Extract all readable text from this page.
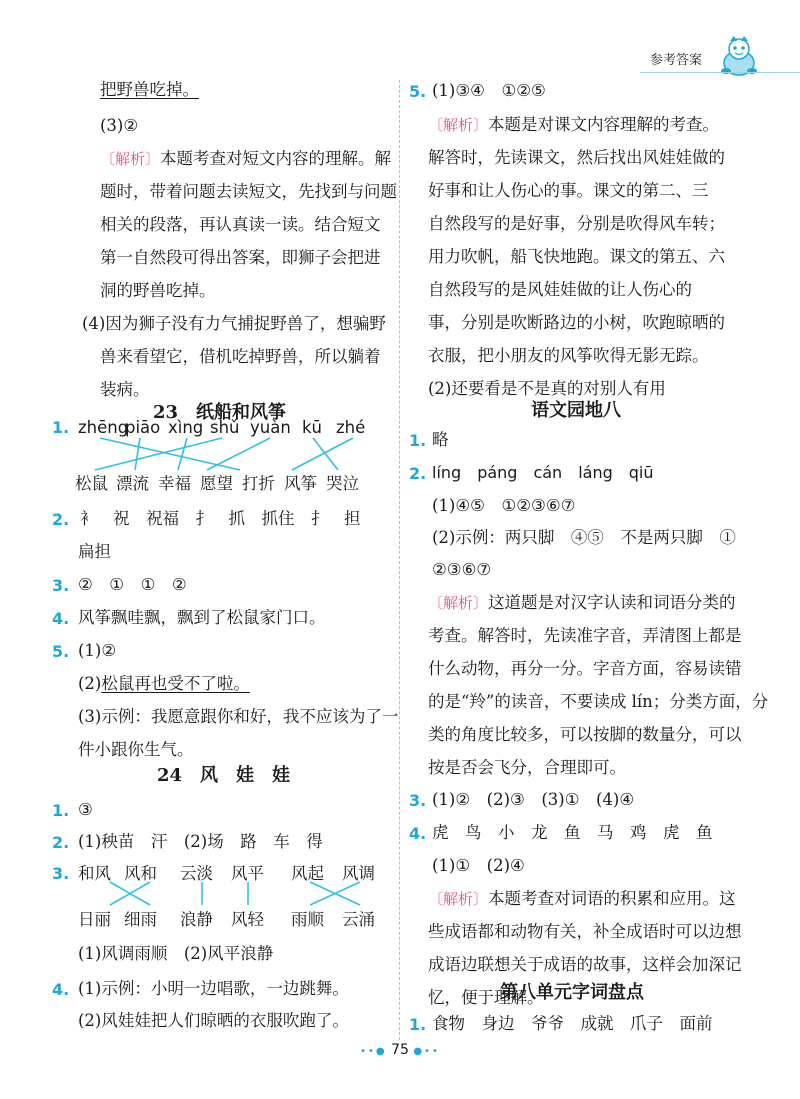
参考答案
把野兽吃掉。
(3)②
〔解析〕本题考查对短文内容的理解。解
题时，带着问题去读短文，先找到与问题
相关的段落，再认真读一读。结合短文
第一自然段可得出答案，即狮子会把进
洞的野兽吃掉。
(4)因为狮子没有力气捕捉野兽了，想骗野
兽来看望它，借机吃掉野兽，所以躺着
装病。
23　纸船和风筝
1. zhēng
piāo xìng shǔ yuàn kū zhé
松鼠 漂流 幸福 愿望 打折 风筝 哭泣
2. 衤　祝　祝福　扌　抓　抓住　扌　担
扁担
3. ②　①　①　②
4. 风筝飘哇飘，飘到了松鼠家门口。
5. (1)②
(2)松鼠再也受不了啦。
(3)示例：我愿意跟你和好，我不应该为了一
件小跟你生气。
24　风　娃　娃
1. ③
2. (1)秧苗　汗　(2)场　路　车　得
3. 和风 风和 云淡 风平 风起 风调
日丽 细雨 浪静 风轻 雨顺 云涌
(1)风调雨顺　(2)风平浪静
4. (1)示例：小明一边唱歌，一边跳舞。
(2)风娃娃把人们晾晒的衣服吹跑了。
5. (1)③④　①②⑤
〔解析〕本题是对课文内容理解的考查。
解答时，先读课文，然后找出风娃娃做的
好事和让人伤心的事。课文的第二、三
自然段写的是好事，分别是吹得风车转；
用力吹帆，船飞快地跑。课文的第五、六
自然段写的是风娃娃做的让人伤心的
事，分别是吹断路边的小树，吹跑晾晒的
衣服，把小朋友的风筝吹得无影无踪。
(2)还要看是不是真的对别人有用
语文园地八
1. 略
2. líng　páng　cán　láng　qiū
(1)④⑤　①②③⑥⑦
(2)示例：两只脚　④⑤　不是两只脚　①
②③⑥⑦
〔解析〕这道题是对汉字认读和词语分类的
考查。解答时，先读准字音，弄清图上都是
什么动物，再分一分。字音方面，容易读错
的是“羚”的读音，不要读成 lín；分类方面，分
类的角度比较多，可以按脚的数量分，可以
按是否会飞分，合理即可。
3. (1)②　(2)③　(3)①　(4)④
4. 虎　鸟　小　龙　鱼　马　鸡　虎　鱼
(1)①　(2)④
〔解析〕本题考查对词语的积累和应用。这
些成语都和动物有关，补全成语时可以边想
成语边联想关于成语的故事，这样会加深记
忆，便于理解。
第八单元字词盘点
1. 食物　身边　爷爷　成就　爪子　面前
••● 75 ●••
